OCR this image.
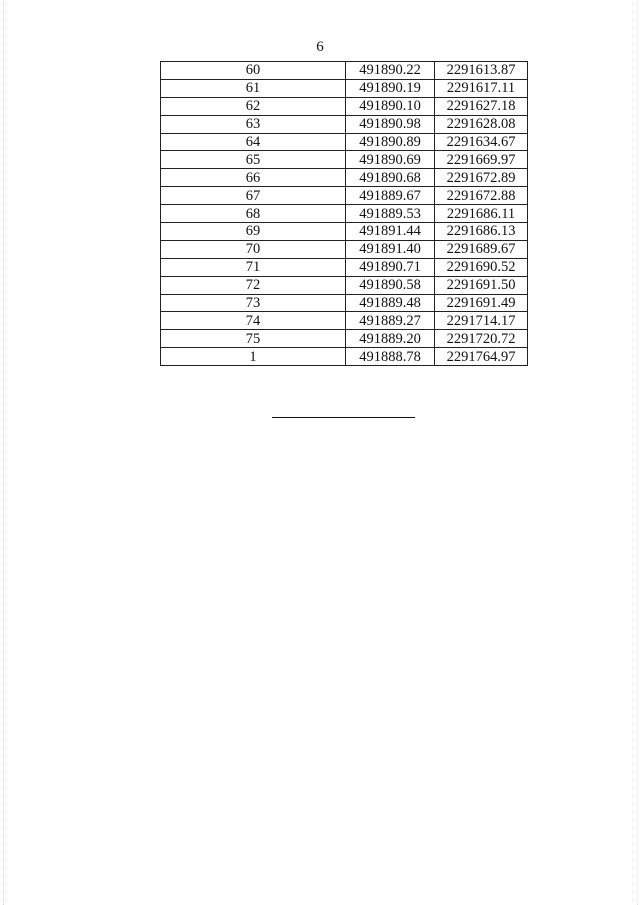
6
60	491890.22	2291613.87
61	491890.19	2291617.11
62	491890.10	2291627.18
63	491890.98	2291628.08
64	491890.89	2291634.67
65	491890.69	2291669.97
66	491890.68	2291672.89
67	491889.67	2291672.88
68	491889.53	2291686.11
69	491891.44	2291686.13
70	491891.40	2291689.67
71	491890.71	2291690.52
72	491890.58	2291691.50
73	491889.48	2291691.49
74	491889.27	2291714.17
75	491889.20	2291720.72
1	491888.78	2291764.97
